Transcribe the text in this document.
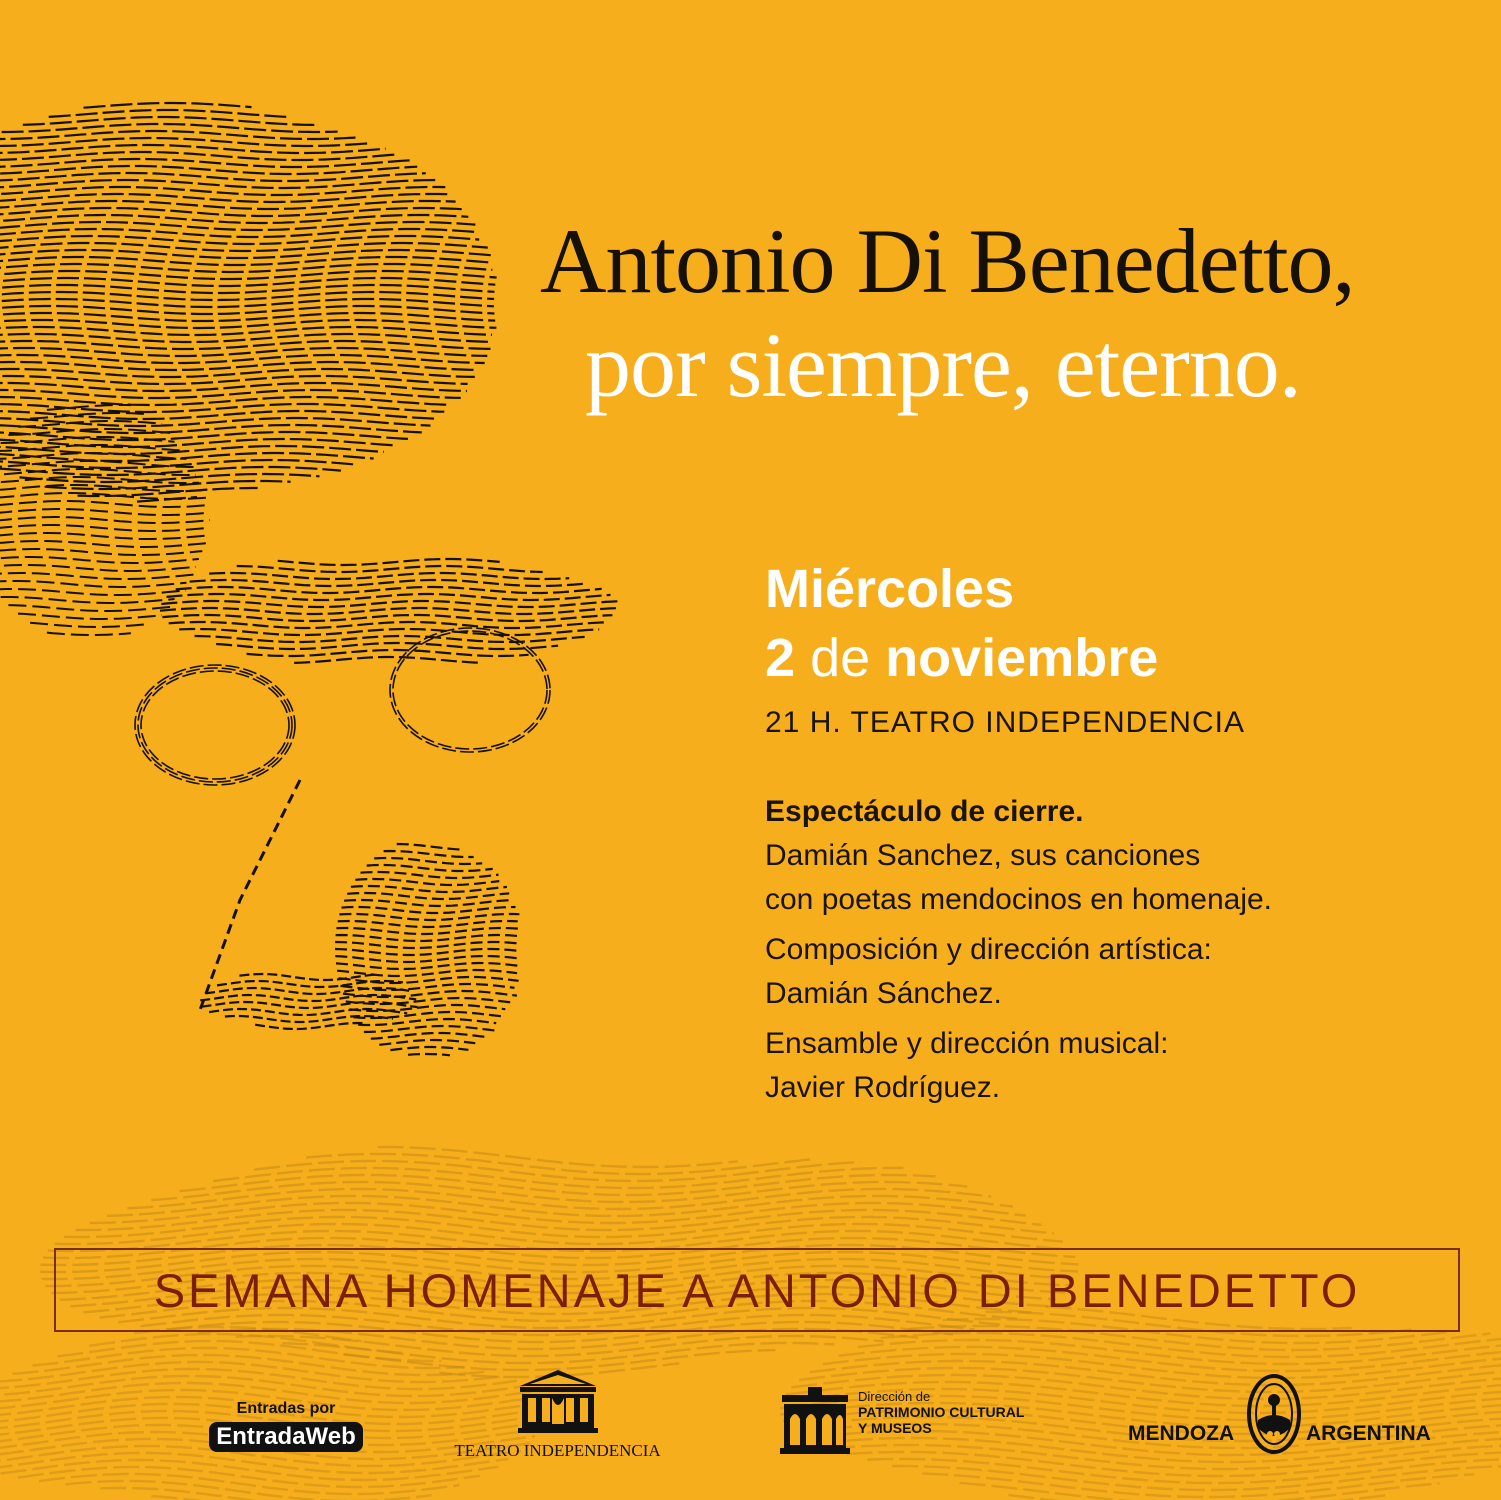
Antonio Di Benedetto,
por siempre, eterno.
Miércoles
2 de noviembre
21 H. TEATRO INDEPENDENCIA
Espectáculo de cierre.
Damián Sanchez, sus canciones
con poetas mendocinos en homenaje.
Composición y dirección artística:
Damián Sánchez.
Ensamble y dirección musical:
Javier Rodríguez.
SEMANA HOMENAJE A ANTONIO DI BENEDETTO
Entradas por
EntradaWeb
TEATRO INDEPENDENCIA
Dirección de
PATRIMONIO CULTURAL
Y MUSEOS	MENDOZA	ARGENTINA
